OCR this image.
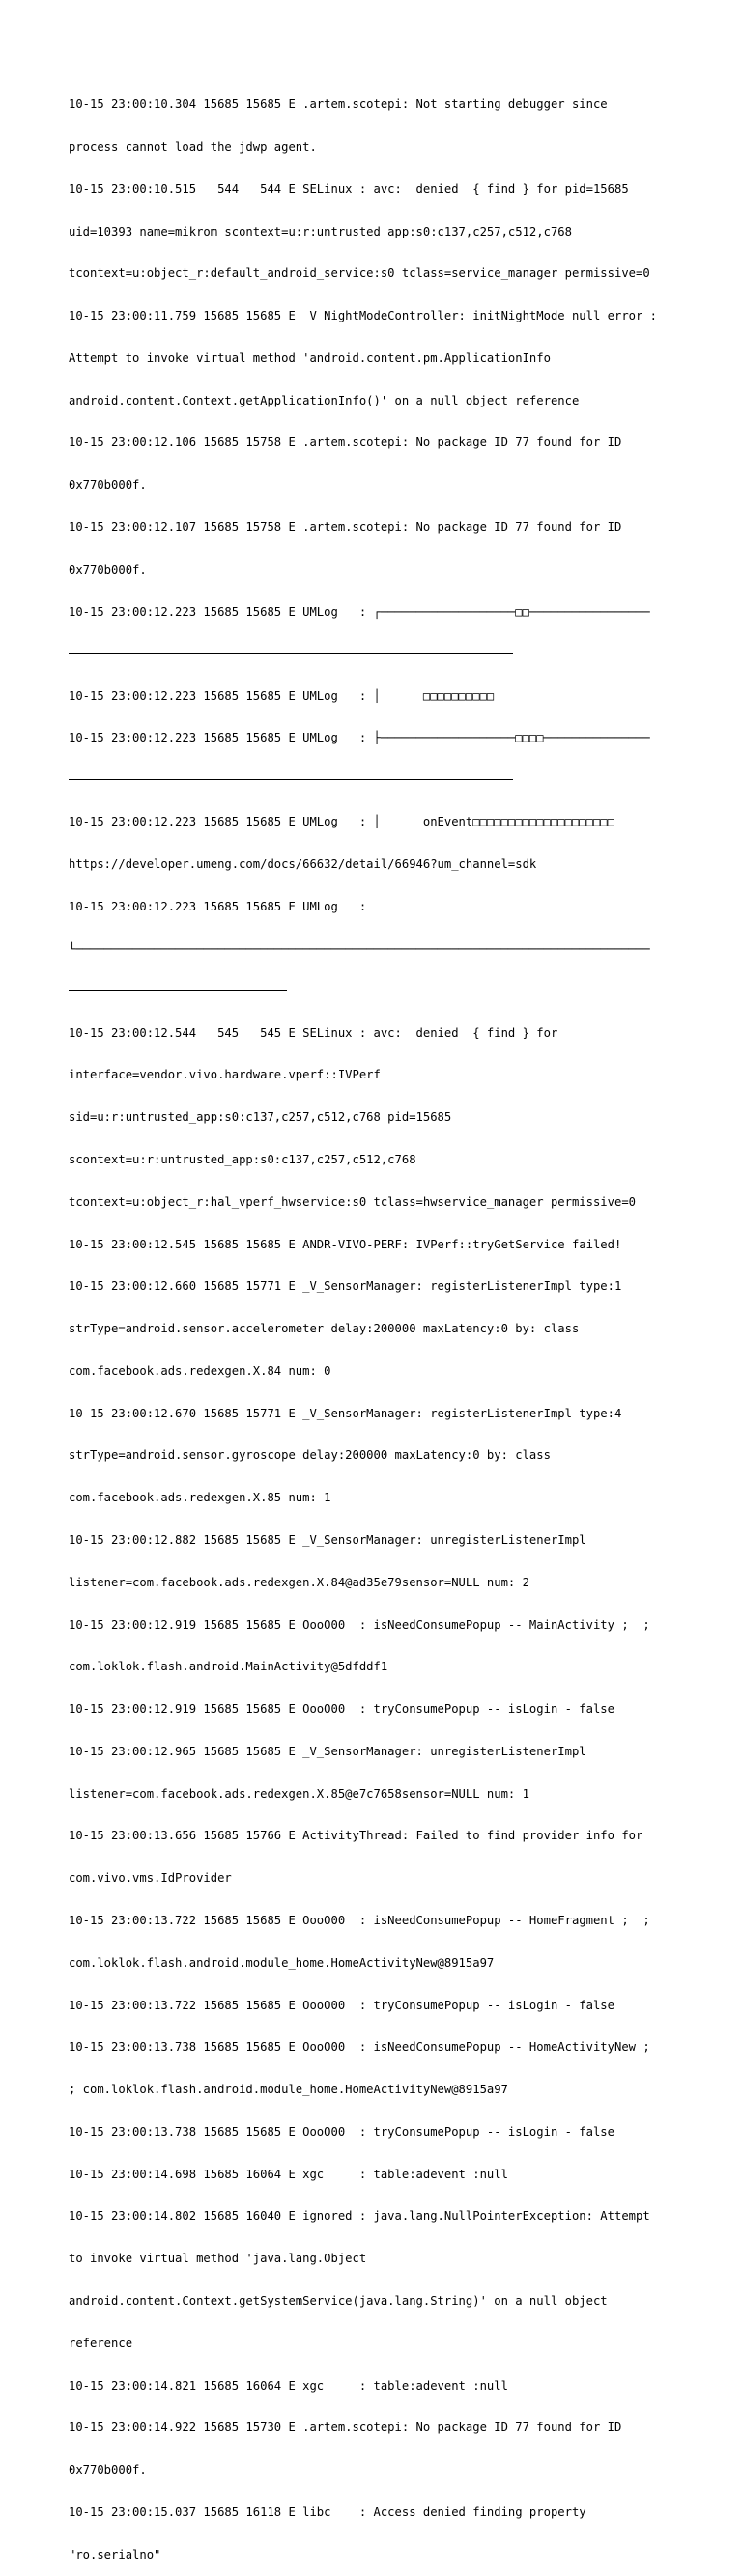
10-15 23:00:10.304 15685 15685 E .artem.scotepi: Not starting debugger since

process cannot load the jdwp agent.

10-15 23:00:10.515   544   544 E SELinux : avc:  denied  { find } for pid=15685

uid=10393 name=mikrom scontext=u:r:untrusted_app:s0:c137,c257,c512,c768

tcontext=u:object_r:default_android_service:s0 tclass=service_manager permissive=0

10-15 23:00:11.759 15685 15685 E _V_NightModeController: initNightMode null error :

Attempt to invoke virtual method 'android.content.pm.ApplicationInfo

android.content.Context.getApplicationInfo()' on a null object reference

10-15 23:00:12.106 15685 15758 E .artem.scotepi: No package ID 77 found for ID

0x770b000f.

10-15 23:00:12.107 15685 15758 E .artem.scotepi: No package ID 77 found for ID

0x770b000f.

10-15 23:00:12.223 15685 15685 E UMLog   : ┌───────────────────□□─────────────────

10-15 23:00:12.223 15685 15685 E UMLog   : │      □□□□□□□□□□

10-15 23:00:12.223 15685 15685 E UMLog   : ├───────────────────□□□□───────────────

10-15 23:00:12.223 15685 15685 E UMLog   : │      onEvent□□□□□□□□□□□□□□□□□□□□

https://developer.umeng.com/docs/66632/detail/66946?um_channel=sdk

10-15 23:00:12.223 15685 15685 E UMLog   :

└─────────────────────────────────────────────────────────────────────────────────

10-15 23:00:12.544   545   545 E SELinux : avc:  denied  { find } for

interface=vendor.vivo.hardware.vperf::IVPerf

sid=u:r:untrusted_app:s0:c137,c257,c512,c768 pid=15685

scontext=u:r:untrusted_app:s0:c137,c257,c512,c768

tcontext=u:object_r:hal_vperf_hwservice:s0 tclass=hwservice_manager permissive=0

10-15 23:00:12.545 15685 15685 E ANDR-VIVO-PERF: IVPerf::tryGetService failed!

10-15 23:00:12.660 15685 15771 E _V_SensorManager: registerListenerImpl type:1

strType=android.sensor.accelerometer delay:200000 maxLatency:0 by: class

com.facebook.ads.redexgen.X.84 num: 0

10-15 23:00:12.670 15685 15771 E _V_SensorManager: registerListenerImpl type:4

strType=android.sensor.gyroscope delay:200000 maxLatency:0 by: class

com.facebook.ads.redexgen.X.85 num: 1

10-15 23:00:12.882 15685 15685 E _V_SensorManager: unregisterListenerImpl

listener=com.facebook.ads.redexgen.X.84@ad35e79sensor=NULL num: 2

10-15 23:00:12.919 15685 15685 E OooO00  : isNeedConsumePopup -- MainActivity ;  ;

com.loklok.flash.android.MainActivity@5dfddf1

10-15 23:00:12.919 15685 15685 E OooO00  : tryConsumePopup -- isLogin - false

10-15 23:00:12.965 15685 15685 E _V_SensorManager: unregisterListenerImpl

listener=com.facebook.ads.redexgen.X.85@e7c7658sensor=NULL num: 1

10-15 23:00:13.656 15685 15766 E ActivityThread: Failed to find provider info for

com.vivo.vms.IdProvider

10-15 23:00:13.722 15685 15685 E OooO00  : isNeedConsumePopup -- HomeFragment ;  ;

com.loklok.flash.android.module_home.HomeActivityNew@8915a97

10-15 23:00:13.722 15685 15685 E OooO00  : tryConsumePopup -- isLogin - false

10-15 23:00:13.738 15685 15685 E OooO00  : isNeedConsumePopup -- HomeActivityNew ;

; com.loklok.flash.android.module_home.HomeActivityNew@8915a97

10-15 23:00:13.738 15685 15685 E OooO00  : tryConsumePopup -- isLogin - false

10-15 23:00:14.698 15685 16064 E xgc     : table:adevent :null

10-15 23:00:14.802 15685 16040 E ignored : java.lang.NullPointerException: Attempt

to invoke virtual method 'java.lang.Object

android.content.Context.getSystemService(java.lang.String)' on a null object

reference

10-15 23:00:14.821 15685 16064 E xgc     : table:adevent :null

10-15 23:00:14.922 15685 15730 E .artem.scotepi: No package ID 77 found for ID

0x770b000f.

10-15 23:00:15.037 15685 16118 E libc    : Access denied finding property

"ro.serialno"
